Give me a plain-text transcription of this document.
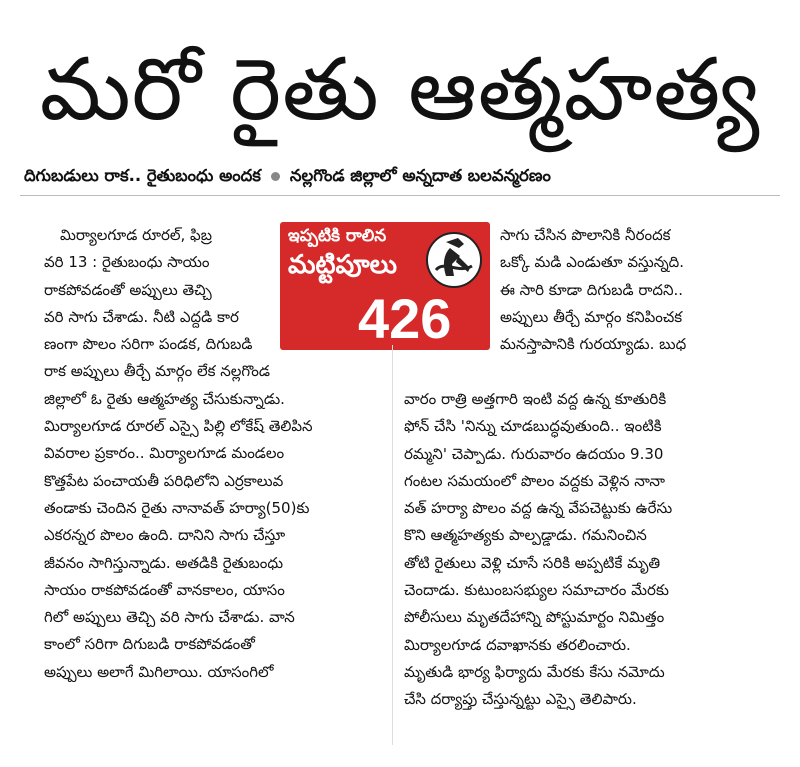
మరో రైతు ఆత్మహత్య
దిగుబడులు రాక.. రైతుబంధు అందక నల్లగొండ జిల్లాలో అన్నదాత బలవన్మరణం

మిర్యాలగూడ రూరల్, ఫిబ్ర

వరి 13 : రైతుబంధు సాయం

రాకపోవడంతో అప్పులు తెచ్చి

వరి సాగు చేశాడు. నీటి ఎద్దడి కార

ణంగా పొలం సరిగా పండక, దిగుబడి

రాక అప్పులు తీర్చే మార్గం లేక నల్లగొండ

జిల్లాలో ఓ రైతు ఆత్మహత్య చేసుకున్నాడు.

మిర్యాలగూడ రూరల్ ఎస్సై పిల్లి లోకేష్ తెలిపిన

వివరాల ప్రకారం.. మిర్యాలగూడ మండలం

కొత్తపేట పంచాయతీ పరిధిలోని ఎర్రకాలువ

తండాకు చెందిన రైతు నానావత్ హర్యా(50)కు

ఎకరన్నర పొలం ఉంది. దానిని సాగు చేస్తూ

జీవనం సాగిస్తున్నాడు. అతడికి రైతుబంధు

సాయం రాకపోవడంతో వానకాలం, యాసం

గిలో అప్పులు తెచ్చి వరి సాగు చేశాడు. వాన

కాంలో సరిగా దిగుబడి రాకపోవడంతో

అప్పులు అలాగే మిగిలాయి. యాసంగిలో

ఇప్పటికి రాలిన
మట్టిపూలు
426

సాగు చేసిన పొలానికి నీరందక

ఒక్కో మడి ఎండుతూ వస్తున్నది.

ఈ సారి కూడా దిగుబడి రాదని..

అప్పులు తీర్చే మార్గం కనిపించక

మనస్తాపానికి గురయ్యాడు. బుధ

వారం రాత్రి అత్తగారి ఇంటి వద్ద ఉన్న కూతురికి

ఫోన్ చేసి 'నిన్ను చూడబుద్ధవుతుంది.. ఇంటికి

రమ్మని' చెప్పాడు. గురువారం ఉదయం 9.30

గంటల సమయంలో పొలం వద్దకు వెళ్లిన నానా

వత్ హర్యా పొలం వద్ద ఉన్న వేపచెట్టుకు ఉరేసు

కొని ఆత్మహత్యకు పాల్పడ్డాడు. గమనించిన

తోటి రైతులు వెళ్లి చూసే సరికి అప్పటికే మృతి

చెందాడు. కుటుంబసభ్యుల సమాచారం మేరకు

పోలీసులు మృతదేహాన్ని పోస్టుమార్టం నిమిత్తం

మిర్యాలగూడ దవాఖానకు తరలించారు.

మృతుడి భార్య ఫిర్యాదు మేరకు కేసు నమోదు

చేసి దర్యాప్తు చేస్తున్నట్టు ఎస్సై తెలిపారు.
